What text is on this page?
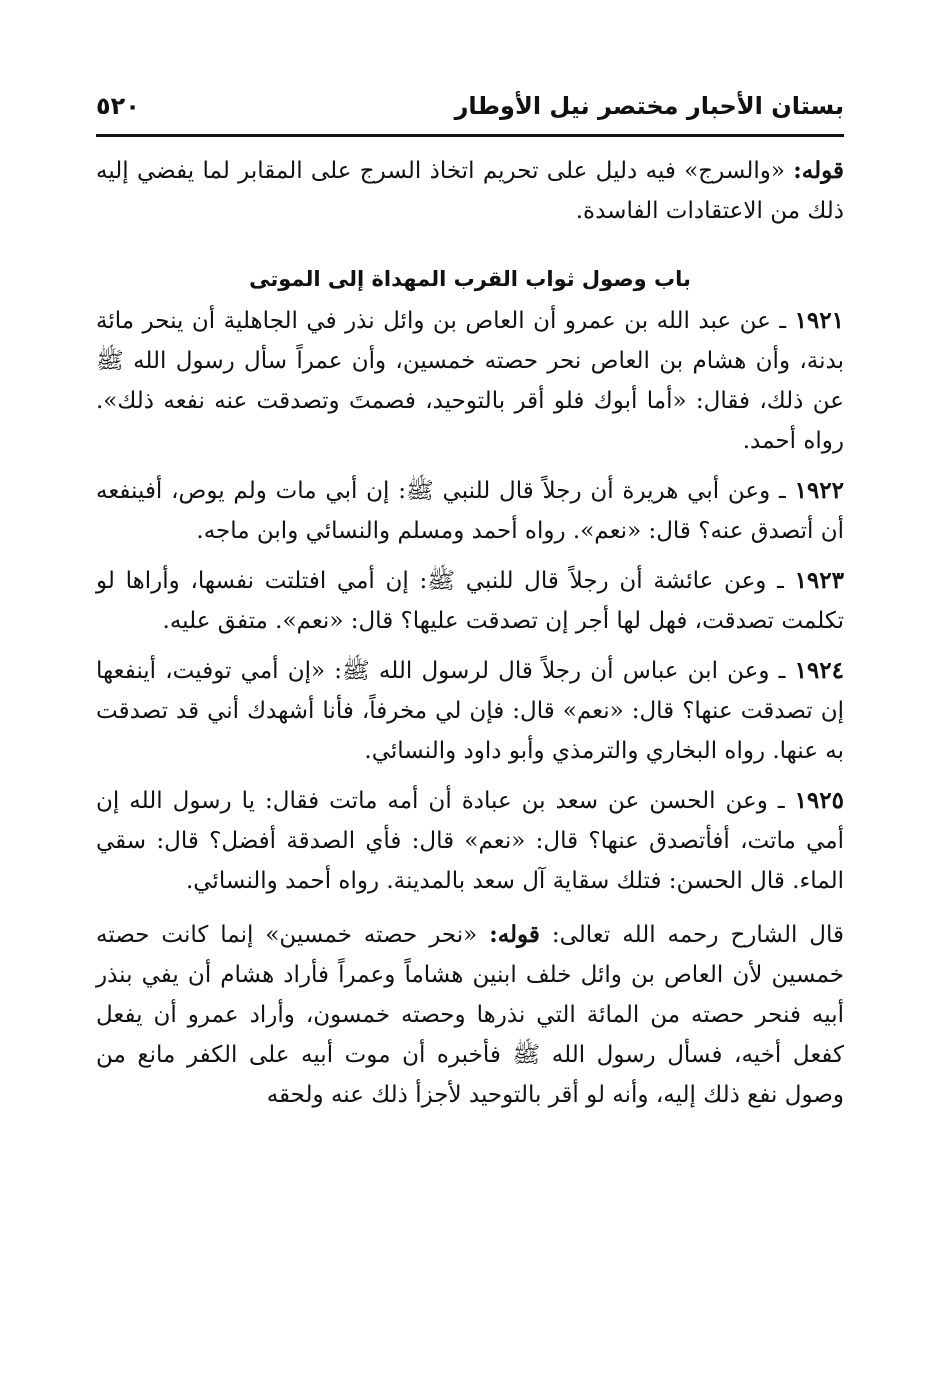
بستان الأحبار مختصر نيل الأوطار
٥٢٠

قوله: «والسرج» فيه دليل على تحريم اتخاذ السرج على المقابر لما يفضي إليه ذلك من الاعتقادات الفاسدة.

باب وصول ثواب القرب المهداة إلى الموتى

١٩٢١ ـ عن عبد الله بن عمرو أن العاص بن وائل نذر في الجاهلية أن ينحر مائة بدنة، وأن هشام بن العاص نحر حصته خمسين، وأن عمراً سأل رسول الله ﷺ عن ذلك، فقال: «أما أبوك فلو أقر بالتوحيد، فصمتَ وتصدقت عنه نفعه ذلك». رواه أحمد.

١٩٢٢ ـ وعن أبي هريرة أن رجلاً قال للنبي ﷺ: إن أبي مات ولم يوص، أفينفعه أن أتصدق عنه؟ قال: «نعم». رواه أحمد ومسلم والنسائي وابن ماجه.

١٩٢٣ ـ وعن عائشة أن رجلاً قال للنبي ﷺ: إن أمي افتلتت نفسها، وأراها لو تكلمت تصدقت، فهل لها أجر إن تصدقت عليها؟ قال: «نعم». متفق عليه.

١٩٢٤ ـ وعن ابن عباس أن رجلاً قال لرسول الله ﷺ: «إن أمي توفيت، أينفعها إن تصدقت عنها؟ قال: «نعم» قال: فإن لي مخرفاً، فأنا أشهدك أني قد تصدقت به عنها. رواه البخاري والترمذي وأبو داود والنسائي.

١٩٢٥ ـ وعن الحسن عن سعد بن عبادة أن أمه ماتت فقال: يا رسول الله إن أمي ماتت، أفأتصدق عنها؟ قال: «نعم» قال: فأي الصدقة أفضل؟ قال: سقي الماء. قال الحسن: فتلك سقاية آل سعد بالمدينة. رواه أحمد والنسائي.

قال الشارح رحمه الله تعالى: قوله: «نحر حصته خمسين» إنما كانت حصته خمسين لأن العاص بن وائل خلف ابنين هشاماً وعمراً فأراد هشام أن يفي بنذر أبيه فنحر حصته من المائة التي نذرها وحصته خمسون، وأراد عمرو أن يفعل كفعل أخيه، فسأل رسول الله ﷺ فأخبره أن موت أبيه على الكفر مانع من وصول نفع ذلك إليه، وأنه لو أقر بالتوحيد لأجزأ ذلك عنه ولحقه
